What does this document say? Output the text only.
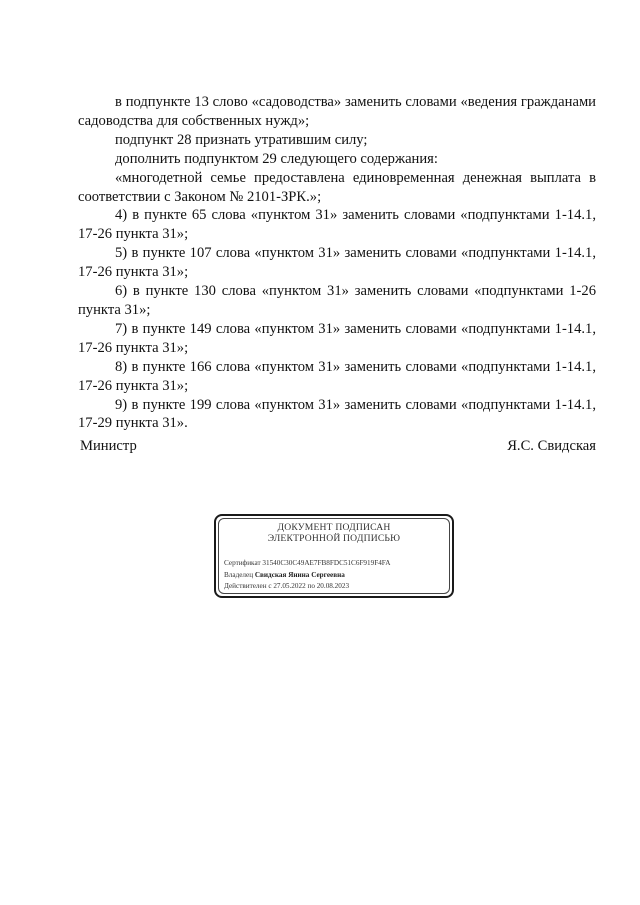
в подпункте 13 слово «садоводства» заменить словами «ведения гражданами садоводства для собственных нужд»;

подпункт 28 признать утратившим силу;

дополнить подпунктом 29 следующего содержания:

«многодетной семье предоставлена единовременная денежная выплата в соответствии с Законом № 2101-ЗРК.»;

4) в пункте 65 слова «пунктом 31» заменить словами «подпунктами 1-14.1, 17-26 пункта 31»;

5) в пункте 107 слова «пунктом 31» заменить словами «подпунктами 1-14.1, 17-26 пункта 31»;

6) в пункте 130 слова «пунктом 31» заменить словами «подпунктами 1-26 пункта 31»;

7) в пункте 149 слова «пунктом 31» заменить словами «подпунктами 1-14.1, 17-26 пункта 31»;

8) в пункте 166 слова «пунктом 31» заменить словами «подпунктами 1-14.1, 17-26 пункта 31»;

9) в пункте 199 слова «пунктом 31» заменить словами «подпунктами 1-14.1, 17-29 пункта 31».

Министр	Я.С. Свидская
ДОКУМЕНТ ПОДПИСАН
ЭЛЕКТРОННОЙ ПОДПИСЬЮ
Сертификат 31540C30C49AE7FB8FDC51C6F919F4FA
Владелец Свидская Янина Сергеевна
Действителен с 27.05.2022 по 20.08.2023
